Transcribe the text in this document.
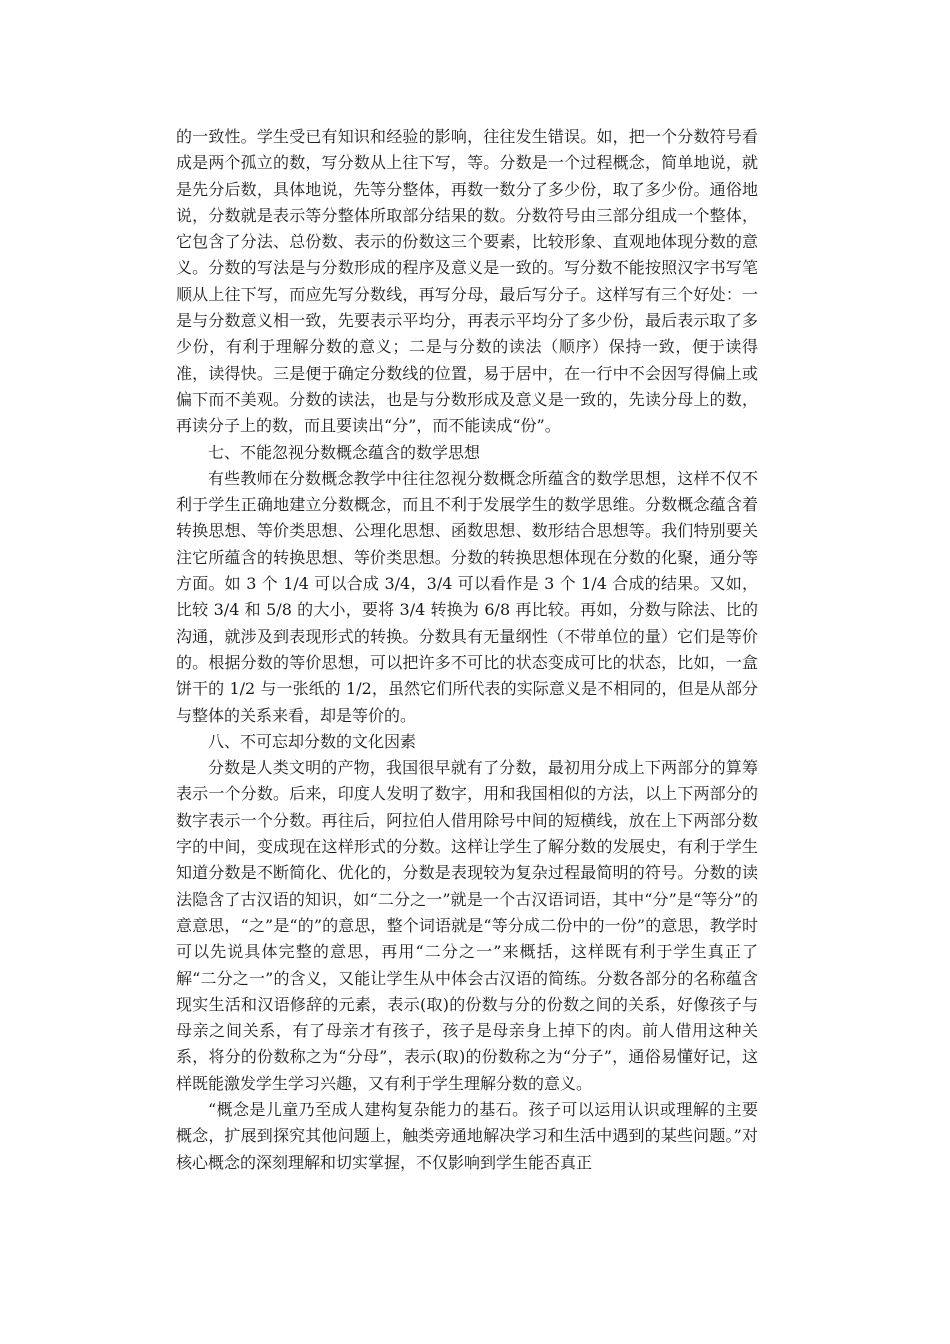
的一致性。学生受已有知识和经验的影响，往往发生错误。如，把一个分数符号看成是两个孤立的数，写分数从上往下写，等。分数是一个过程概念，简单地说，就是先分后数，具体地说，先等分整体，再数一数分了多少份，取了多少份。通俗地说，分数就是表示等分整体所取部分结果的数。分数符号由三部分组成一个整体，它包含了分法、总份数、表示的份数这三个要素，比较形象、直观地体现分数的意义。分数的写法是与分数形成的程序及意义是一致的。写分数不能按照汉字书写笔顺从上往下写，而应先写分数线，再写分母，最后写分子。这样写有三个好处：一是与分数意义相一致，先要表示平均分，再表示平均分了多少份，最后表示取了多少份，有利于理解分数的意义；二是与分数的读法（顺序）保持一致，便于读得准，读得快。三是便于确定分数线的位置，易于居中，在一行中不会因写得偏上或偏下而不美观。分数的读法，也是与分数形成及意义是一致的，先读分母上的数，再读分子上的数，而且要读出“分”，而不能读成“份”。

七、不能忽视分数概念蕴含的数学思想

有些教师在分数概念教学中往往忽视分数概念所蕴含的数学思想，这样不仅不利于学生正确地建立分数概念，而且不利于发展学生的数学思维。分数概念蕴含着转换思想、等价类思想、公理化思想、函数思想、数形结合思想等。我们特别要关注它所蕴含的转换思想、等价类思想。分数的转换思想体现在分数的化聚，通分等方面。如 3 个 1/4 可以合成 3/4，3/4 可以看作是 3 个 1/4 合成的结果。又如，比较 3/4 和 5/8 的大小，要将 3/4 转换为 6/8 再比较。再如，分数与除法、比的沟通，就涉及到表现形式的转换。分数具有无量纲性（不带单位的量）它们是等价的。根据分数的等价思想，可以把许多不可比的状态变成可比的状态，比如，一盒饼干的 1/2 与一张纸的 1/2，虽然它们所代表的实际意义是不相同的，但是从部分与整体的关系来看，却是等价的。

八、不可忘却分数的文化因素

分数是人类文明的产物，我国很早就有了分数，最初用分成上下两部分的算筹表示一个分数。后来，印度人发明了数字，用和我国相似的方法，以上下两部分的数字表示一个分数。再往后，阿拉伯人借用除号中间的短横线，放在上下两部分数字的中间，变成现在这样形式的分数。这样让学生了解分数的发展史，有利于学生知道分数是不断简化、优化的，分数是表现较为复杂过程最简明的符号。分数的读法隐含了古汉语的知识，如“二分之一”就是一个古汉语词语，其中“分”是“等分”的意意思，“之”是“的”的意思，整个词语就是“等分成二份中的一份”的意思，教学时可以先说具体完整的意思，再用“二分之一”来概括，这样既有利于学生真正了解“二分之一”的含义，又能让学生从中体会古汉语的简练。分数各部分的名称蕴含现实生活和汉语修辞的元素，表示(取)的份数与分的份数之间的关系，好像孩子与母亲之间关系，有了母亲才有孩子，孩子是母亲身上掉下的肉。前人借用这种关系，将分的份数称之为“分母”，表示(取)的份数称之为“分子”，通俗易懂好记，这样既能激发学生学习兴趣，又有利于学生理解分数的意义。

“概念是儿童乃至成人建构复杂能力的基石。孩子可以运用认识或理解的主要概念，扩展到探究其他问题上，触类旁通地解决学习和生活中遇到的某些问题。”对核心概念的深刻理解和切实掌握，不仅影响到学生能否真正
